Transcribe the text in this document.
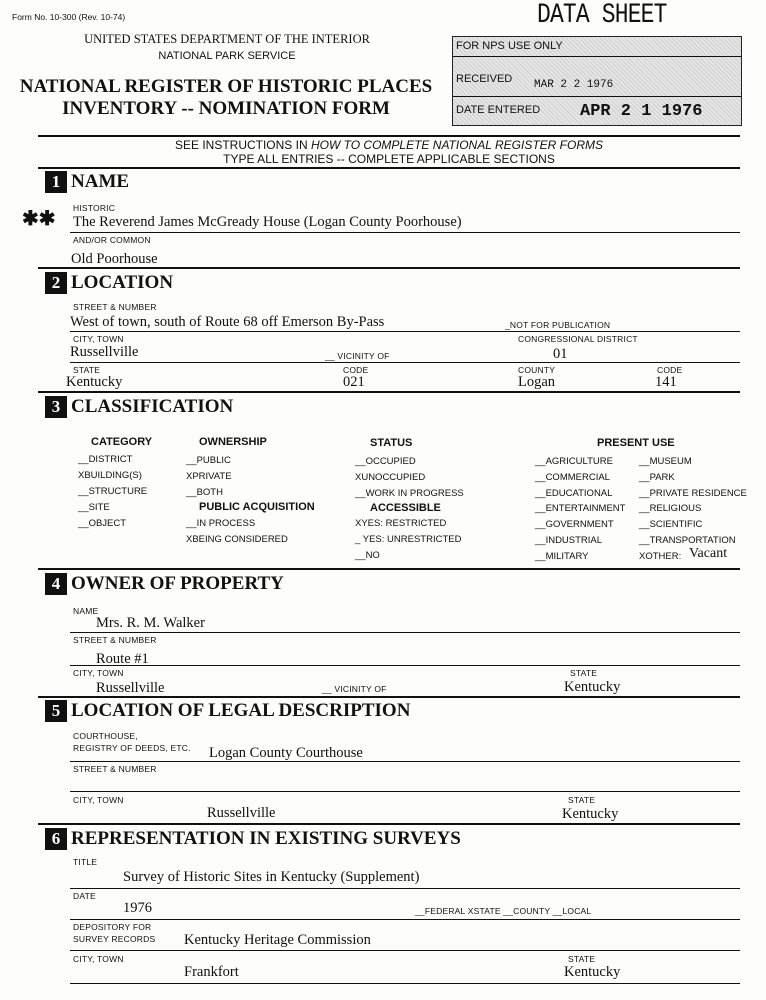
Form No. 10-300 (Rev. 10-74)	DATA SHEET
UNITED STATES DEPARTMENT OF THE INTERIOR
NATIONAL PARK SERVICE
NATIONAL REGISTER OF HISTORIC PLACES
INVENTORY -- NOMINATION FORM
FOR NPS USE ONLY
RECEIVED MAR 2 2 1976
DATE ENTERED APR 2 1 1976
SEE INSTRUCTIONS IN HOW TO COMPLETE NATIONAL REGISTER FORMS
TYPE ALL ENTRIES -- COMPLETE APPLICABLE SECTIONS
1 NAME
HISTORIC
✱✱ The Reverend James McGready House (Logan County Poorhouse)
AND/OR COMMON
Old Poorhouse
2 LOCATION
STREET & NUMBER
West of town, south of Route 68 off Emerson By-Pass	_NOT FOR PUBLICATION
CITY, TOWN	CONGRESSIONAL DISTRICT
Russellville	__ VICINITY OF	01
STATE	CODE	COUNTY	CODE
Kentucky	021	Logan	141
3 CLASSIFICATION
CATEGORY
__DISTRICT
XBUILDING(S)
__STRUCTURE
__SITE
__OBJECT
OWNERSHIP
__PUBLIC
XPRIVATE
__BOTH
PUBLIC ACQUISITION
__IN PROCESS
XBEING CONSIDERED
STATUS
__OCCUPIED
XUNOCCUPIED
__WORK IN PROGRESS
ACCESSIBLE
XYES: RESTRICTED
_ YES: UNRESTRICTED
__NO
PRESENT USE
__AGRICULTURE
__COMMERCIAL
__EDUCATIONAL
__ENTERTAINMENT
__GOVERNMENT
__INDUSTRIAL
__MILITARY
__MUSEUM
__PARK
__PRIVATE RESIDENCE
__RELIGIOUS
__SCIENTIFIC
__TRANSPORTATION
XOTHER: Vacant
4 OWNER OF PROPERTY
NAME
Mrs. R. M. Walker
STREET & NUMBER
Route #1
CITY, TOWN	STATE
Russellville	__ VICINITY OF	Kentucky
5 LOCATION OF LEGAL DESCRIPTION
COURTHOUSE,
REGISTRY OF DEEDS, ETC. Logan County Courthouse
STREET & NUMBER
CITY, TOWN	STATE
Russellville	Kentucky
6 REPRESENTATION IN EXISTING SURVEYS
TITLE
Survey of Historic Sites in Kentucky (Supplement)
DATE
1976	__FEDERAL XSTATE __COUNTY __LOCAL
DEPOSITORY FOR
SURVEY RECORDS Kentucky Heritage Commission
CITY, TOWN	STATE
Frankfort	Kentucky
